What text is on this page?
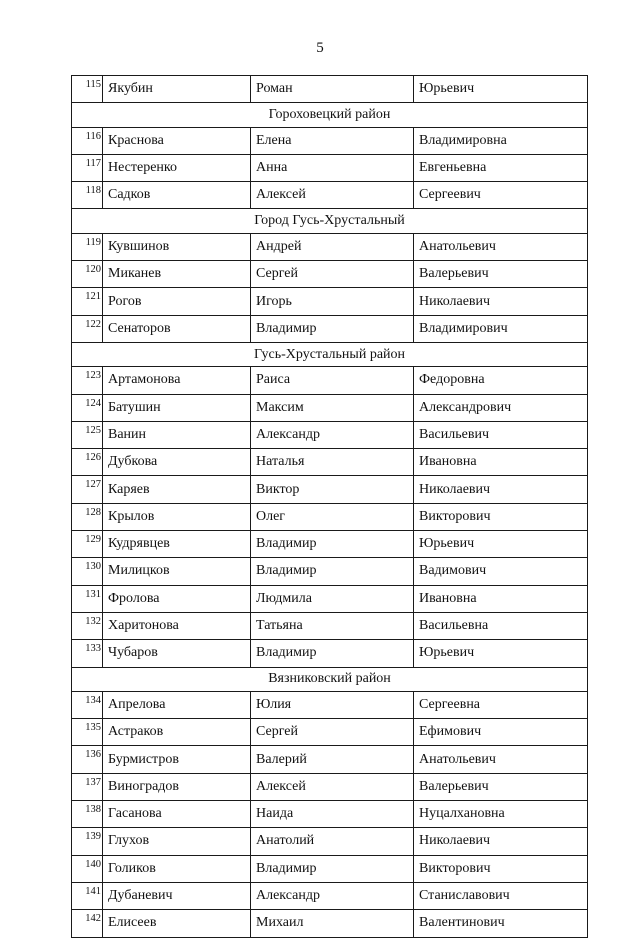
5
115	Якубин	Роман	Юрьевич
Гороховецкий район			
116	Краснова	Елена	Владимировна
117	Нестеренко	Анна	Евгеньевна
118	Садков	Алексей	Сергеевич
Город Гусь-Хрустальный			
119	Кувшинов	Андрей	Анатольевич
120	Миканев	Сергей	Валерьевич
121	Рогов	Игорь	Николаевич
122	Сенаторов	Владимир	Владимирович
Гусь-Хрустальный район			
123	Артамонова	Раиса	Федоровна
124	Батушин	Максим	Александрович
125	Ванин	Александр	Васильевич
126	Дубкова	Наталья	Ивановна
127	Каряев	Виктор	Николаевич
128	Крылов	Олег	Викторович
129	Кудрявцев	Владимир	Юрьевич
130	Милицков	Владимир	Вадимович
131	Фролова	Людмила	Ивановна
132	Харитонова	Татьяна	Васильевна
133	Чубаров	Владимир	Юрьевич
Вязниковский район			
134	Апрелова	Юлия	Сергеевна
135	Астраков	Сергей	Ефимович
136	Бурмистров	Валерий	Анатольевич
137	Виноградов	Алексей	Валерьевич
138	Гасанова	Наида	Нуцалхановна
139	Глухов	Анатолий	Николаевич
140	Голиков	Владимир	Викторович
141	Дубаневич	Александр	Станиславович
142	Елисеев	Михаил	Валентинович
